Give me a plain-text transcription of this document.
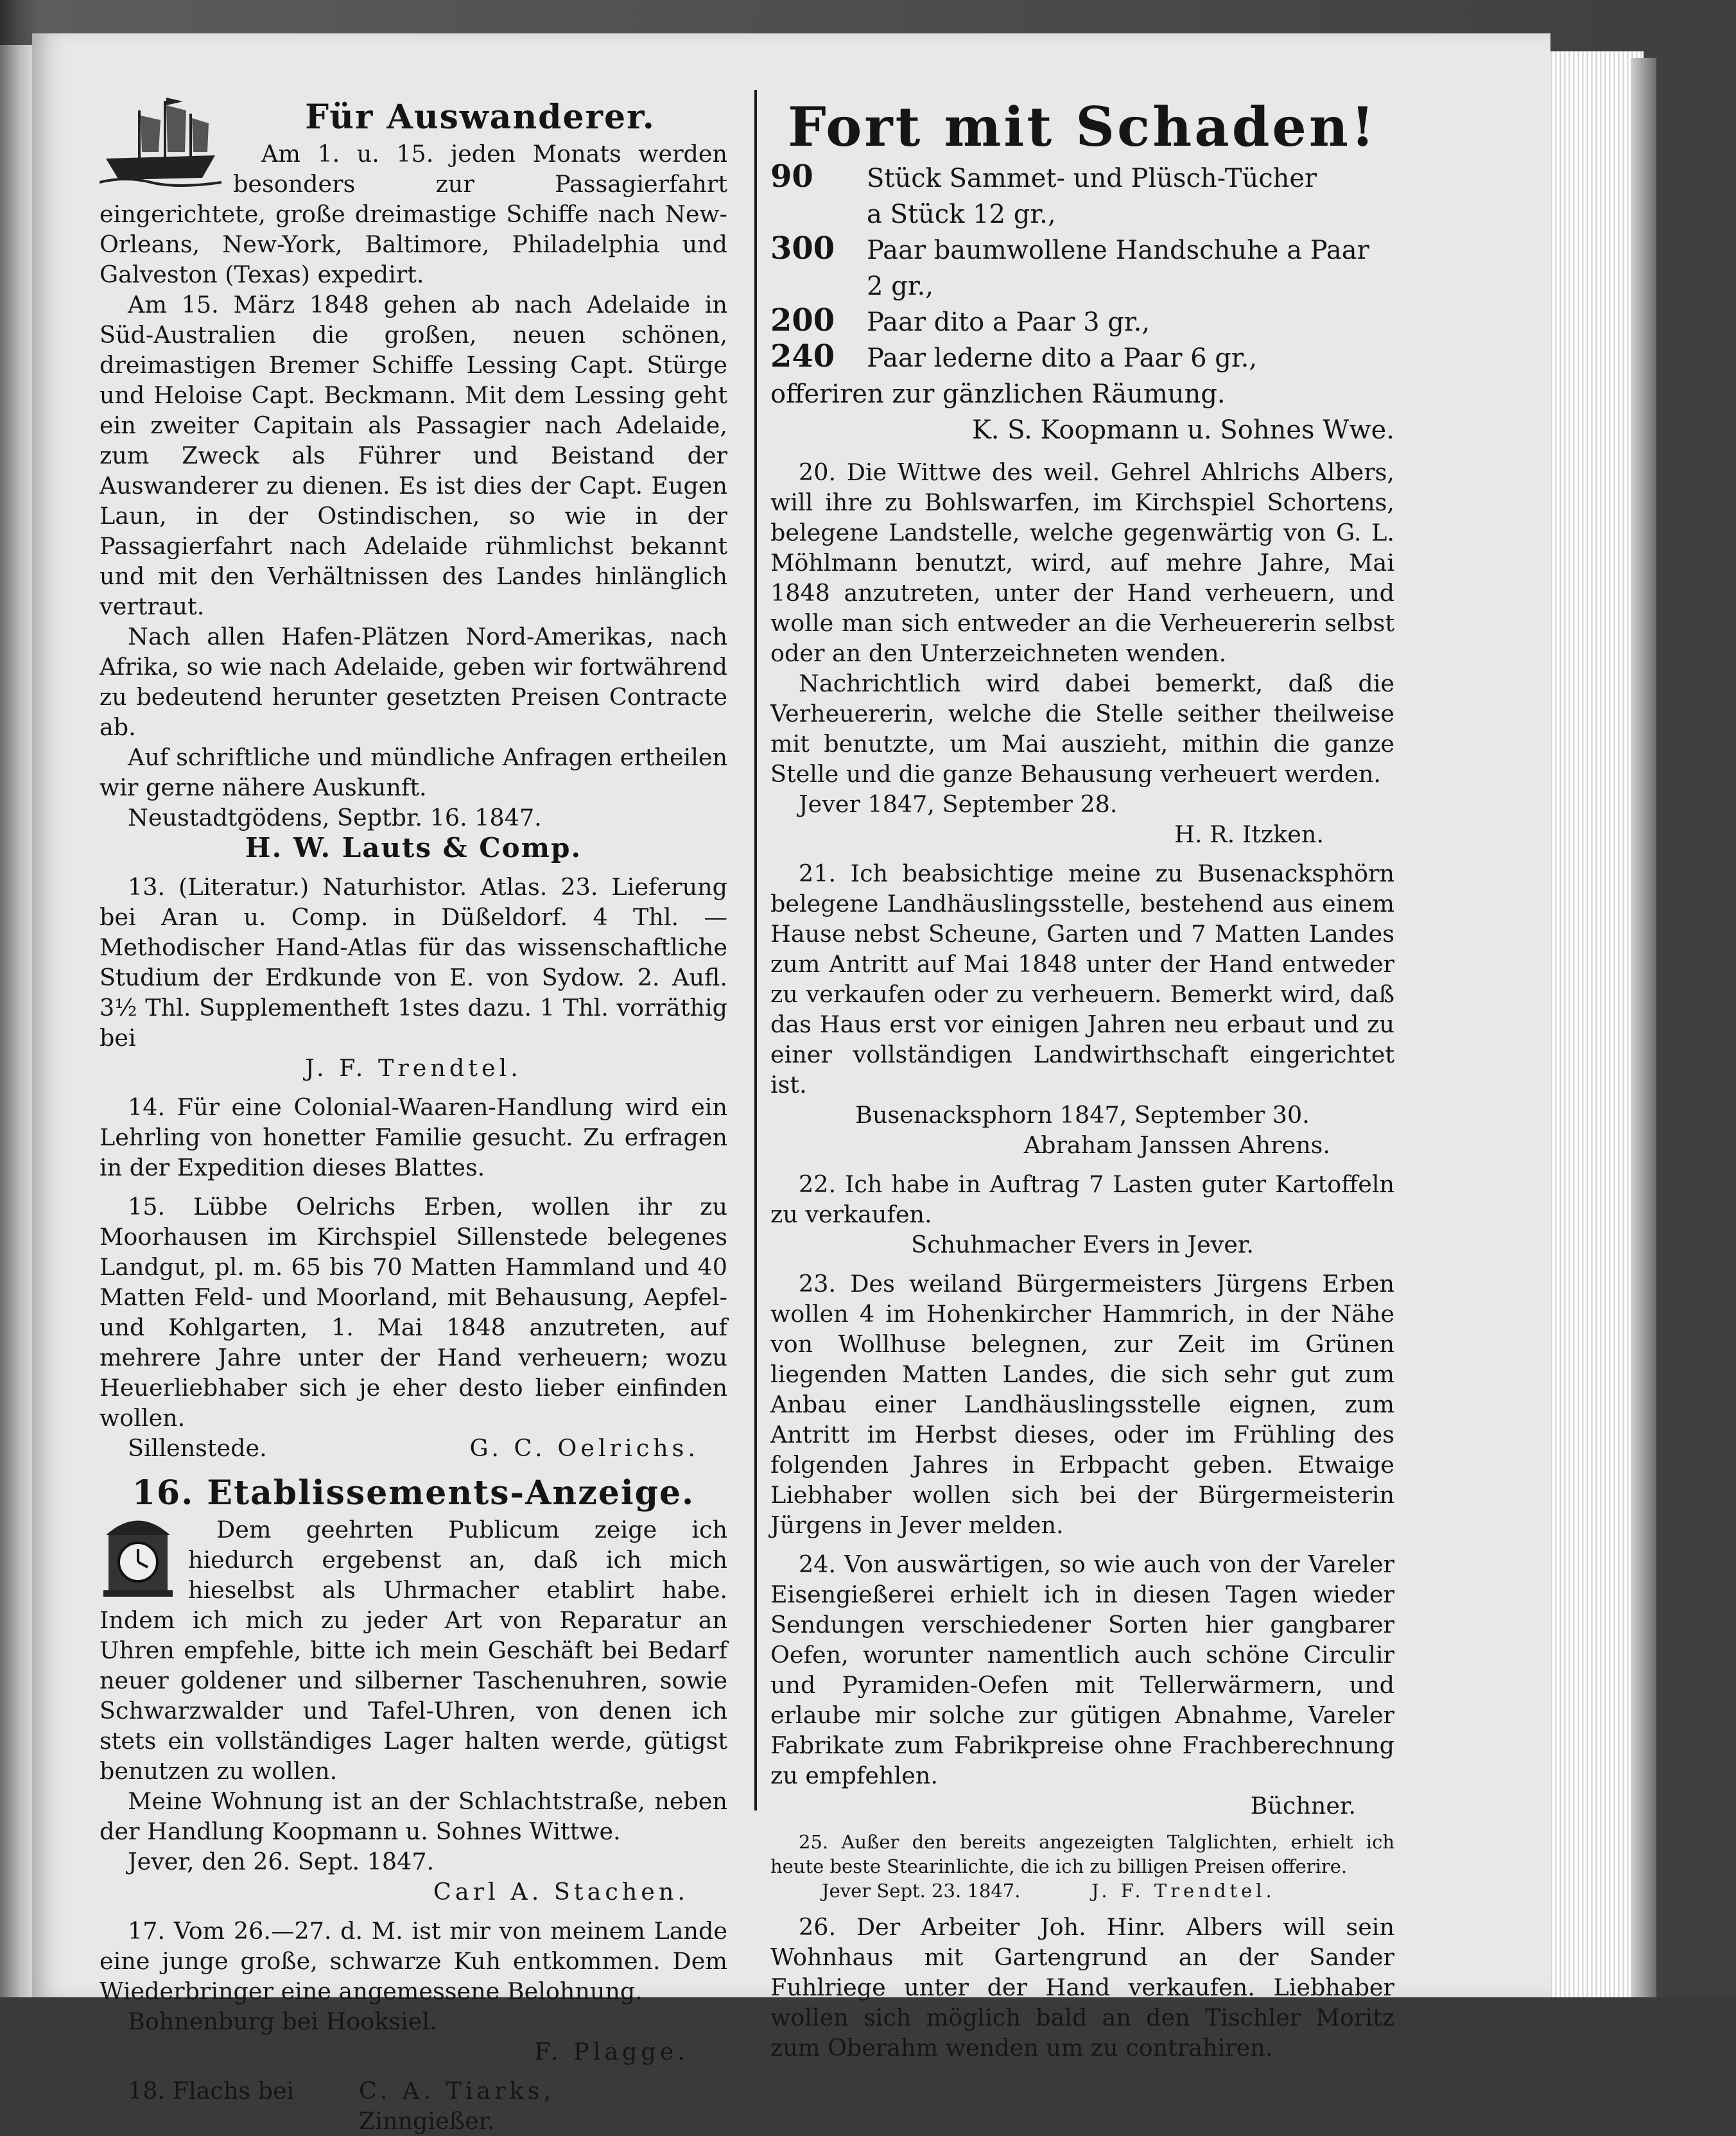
Für Auswanderer.

Am 1. u. 15. jeden Monats werden besonders zur Passagierfahrt eingerichtete, große dreimastige Schiffe nach New-Orleans, New-York, Baltimore, Philadelphia und Galveston (Texas) expedirt.

Am 15. März 1848 gehen ab nach Adelaide in Süd-Australien die großen, neuen schönen, dreimastigen Bremer Schiffe Lessing Capt. Stürge und Heloise Capt. Beckmann. Mit dem Lessing geht ein zweiter Capitain als Passagier nach Adelaide, zum Zweck als Führer und Beistand der Auswanderer zu dienen. Es ist dies der Capt. Eugen Laun, in der Ostindischen, so wie in der Passagierfahrt nach Adelaide rühmlichst bekannt und mit den Verhältnissen des Landes hinlänglich vertraut.

Nach allen Hafen-Plätzen Nord-Amerikas, nach Afrika, so wie nach Adelaide, geben wir fortwährend zu bedeutend herunter gesetzten Preisen Contracte ab.

Auf schriftliche und mündliche Anfragen ertheilen wir gerne nähere Auskunft.

Neustadtgödens, Septbr. 16. 1847.

H. W. Lauts & Comp.

13. (Literatur.) Naturhistor. Atlas. 23. Lieferung bei Aran u. Comp. in Düßeldorf. 4 Thl. — Methodischer Hand-Atlas für das wissenschaftliche Studium der Erdkunde von E. von Sydow. 2. Aufl. 3½ Thl. Supplementheft 1stes dazu. 1 Thl. vorräthig bei

J. F. Trendtel.

14. Für eine Colonial-Waaren-Handlung wird ein Lehrling von honetter Familie gesucht. Zu erfragen in der Expedition dieses Blattes.

15. Lübbe Oelrichs Erben, wollen ihr zu Moorhausen im Kirchspiel Sillenstede belegenes Landgut, pl. m. 65 bis 70 Matten Hammland und 40 Matten Feld- und Moorland, mit Behausung, Aepfel- und Kohlgarten, 1. Mai 1848 anzutreten, auf mehrere Jahre unter der Hand verheuern; wozu Heuerliebhaber sich je eher desto lieber einfinden wollen.

Sillenstede.	G. C. Oelrichs.

16. Etablissements-Anzeige.

Dem geehrten Publicum zeige ich hiedurch ergebenst an, daß ich mich hieselbst als Uhrmacher etablirt habe. Indem ich mich zu jeder Art von Reparatur an Uhren empfehle, bitte ich mein Geschäft bei Bedarf neuer goldener und silberner Taschenuhren, sowie Schwarzwalder und Tafel-Uhren, von denen ich stets ein vollständiges Lager halten werde, gütigst benutzen zu wollen.

Meine Wohnung ist an der Schlachtstraße, neben der Handlung Koopmann u. Sohnes Wittwe.

Jever, den 26. Sept. 1847.

Carl A. Stachen.

17. Vom 26.—27. d. M. ist mir von meinem Lande eine junge große, schwarze Kuh entkommen. Dem Wiederbringer eine angemessene Belohnung.

Bohnenburg bei Hooksiel.

F. Plagge.

18. Flachs bei	C. A. Tiarks,

Zinngießer.

Fort mit Schaden!

90	Stück Sammet- und Plüsch-Tücher
a Stück 12 gr.,
300	Paar baumwollene Handschuhe a Paar
2 gr.,
200	Paar dito a Paar 3 gr.,
240	Paar lederne dito a Paar 6 gr.,

offeriren zur gänzlichen Räumung.

K. S. Koopmann u. Sohnes Wwe.

20. Die Wittwe des weil. Gehrel Ahlrichs Albers, will ihre zu Bohlswarfen, im Kirchspiel Schortens, belegene Landstelle, welche gegenwärtig von G. L. Möhlmann benutzt, wird, auf mehre Jahre, Mai 1848 anzutreten, unter der Hand verheuern, und wolle man sich entweder an die Verheuererin selbst oder an den Unterzeichneten wenden.

Nachrichtlich wird dabei bemerkt, daß die Verheuererin, welche die Stelle seither theilweise mit benutzte, um Mai auszieht, mithin die ganze Stelle und die ganze Behausung verheuert werden.

Jever 1847, September 28.

H. R. Itzken.

21. Ich beabsichtige meine zu Busenacksphörn belegene Landhäuslingsstelle, bestehend aus einem Hause nebst Scheune, Garten und 7 Matten Landes zum Antritt auf Mai 1848 unter der Hand entweder zu verkaufen oder zu verheuern. Bemerkt wird, daß das Haus erst vor einigen Jahren neu erbaut und zu einer vollständigen Landwirthschaft eingerichtet ist.

Busenacksphorn 1847, September 30.

Abraham Janssen Ahrens.

22. Ich habe in Auftrag 7 Lasten guter Kartoffeln zu verkaufen.

Schuhmacher Evers in Jever.

23. Des weiland Bürgermeisters Jürgens Erben wollen 4 im Hohenkircher Hammrich, in der Nähe von Wollhuse belegnen, zur Zeit im Grünen liegenden Matten Landes, die sich sehr gut zum Anbau einer Landhäuslingsstelle eignen, zum Antritt im Herbst dieses, oder im Frühling des folgenden Jahres in Erbpacht geben. Etwaige Liebhaber wollen sich bei der Bürgermeisterin Jürgens in Jever melden.

24. Von auswärtigen, so wie auch von der Vareler Eisengießerei erhielt ich in diesen Tagen wieder Sendungen verschiedener Sorten hier gangbarer Oefen, worunter namentlich auch schöne Circulir und Pyramiden-Oefen mit Tellerwärmern, und erlaube mir solche zur gütigen Abnahme, Vareler Fabrikate zum Fabrikpreise ohne Frachberechnung zu empfehlen.

Büchner.

25. Außer den bereits angezeigten Talglichten, erhielt ich heute beste Stearinlichte, die ich zu billigen Preisen offerire.

Jever Sept. 23. 1847.	J. F. Trendtel.

26. Der Arbeiter Joh. Hinr. Albers will sein Wohnhaus mit Gartengrund an der Sander Fuhlriege unter der Hand verkaufen. Liebhaber wollen sich möglich bald an den Tischler Moritz zum Oberahm wenden um zu contrahiren.
